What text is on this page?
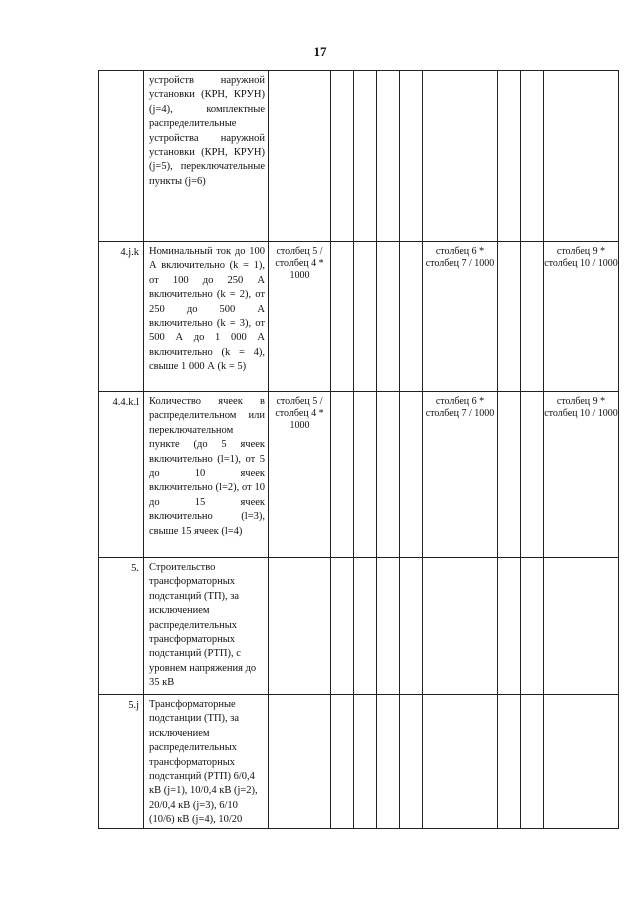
17
	устройств наружной установки (КРН, КРУН) (j=4), комплектные распределительные устройства наружной установки (КРН, КРУН) (j=5), переключательные пункты (j=6)									
4.j.k	Номинальный ток до 100 А включительно (k = 1), от 100 до 250 А включительно (k = 2), от 250 до 500 А включительно (k = 3), от 500 А до 1 000 А включительно (k = 4), свыше 1 000 А (k = 5)	столбец 5 / столбец 4 * 1000					столбец 6 * столбец 7 / 1000			столбец 9 * столбец 10 / 1000
4.4.k.l	Количество ячеек в распределительном или переключательном пункте (до 5 ячеек включительно (l=1), от 5 до 10 ячеек включительно (l=2), от 10 до 15 ячеек включительно (l=3), свыше 15 ячеек (l=4)	столбец 5 / столбец 4 * 1000					столбец 6 * столбец 7 / 1000			столбец 9 * столбец 10 / 1000
5.	Строительство трансформаторных подстанций (ТП), за исключением распределительных трансформаторных подстанций (РТП), с уровнем напряжения до 35 кВ									
5.j	Трансформаторные подстанции (ТП), за исключением распределительных трансформаторных подстанций (РТП) 6/0,4 кВ (j=1), 10/0,4 кВ (j=2), 20/0,4 кВ (j=3), 6/10 (10/6) кВ (j=4), 10/20									
